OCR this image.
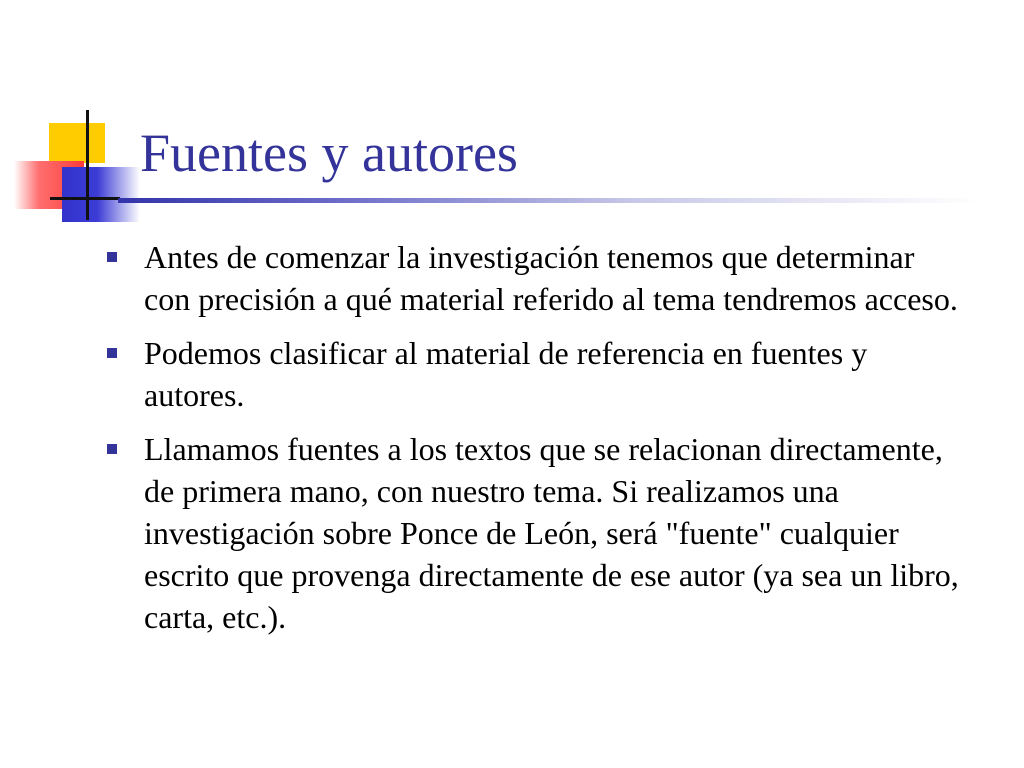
Fuentes y autores
Antes de comenzar la investigación tenemos que determinar con precisión a qué material referido al tema tendremos acceso.
Podemos clasificar al material de referencia en fuentes y autores.
Llamamos fuentes a los textos que se relacionan directamente, de primera mano, con nuestro tema. Si realizamos una investigación sobre Ponce de León, será "fuente" cualquier escrito que provenga directamente de ese autor (ya sea un libro, carta, etc.).
